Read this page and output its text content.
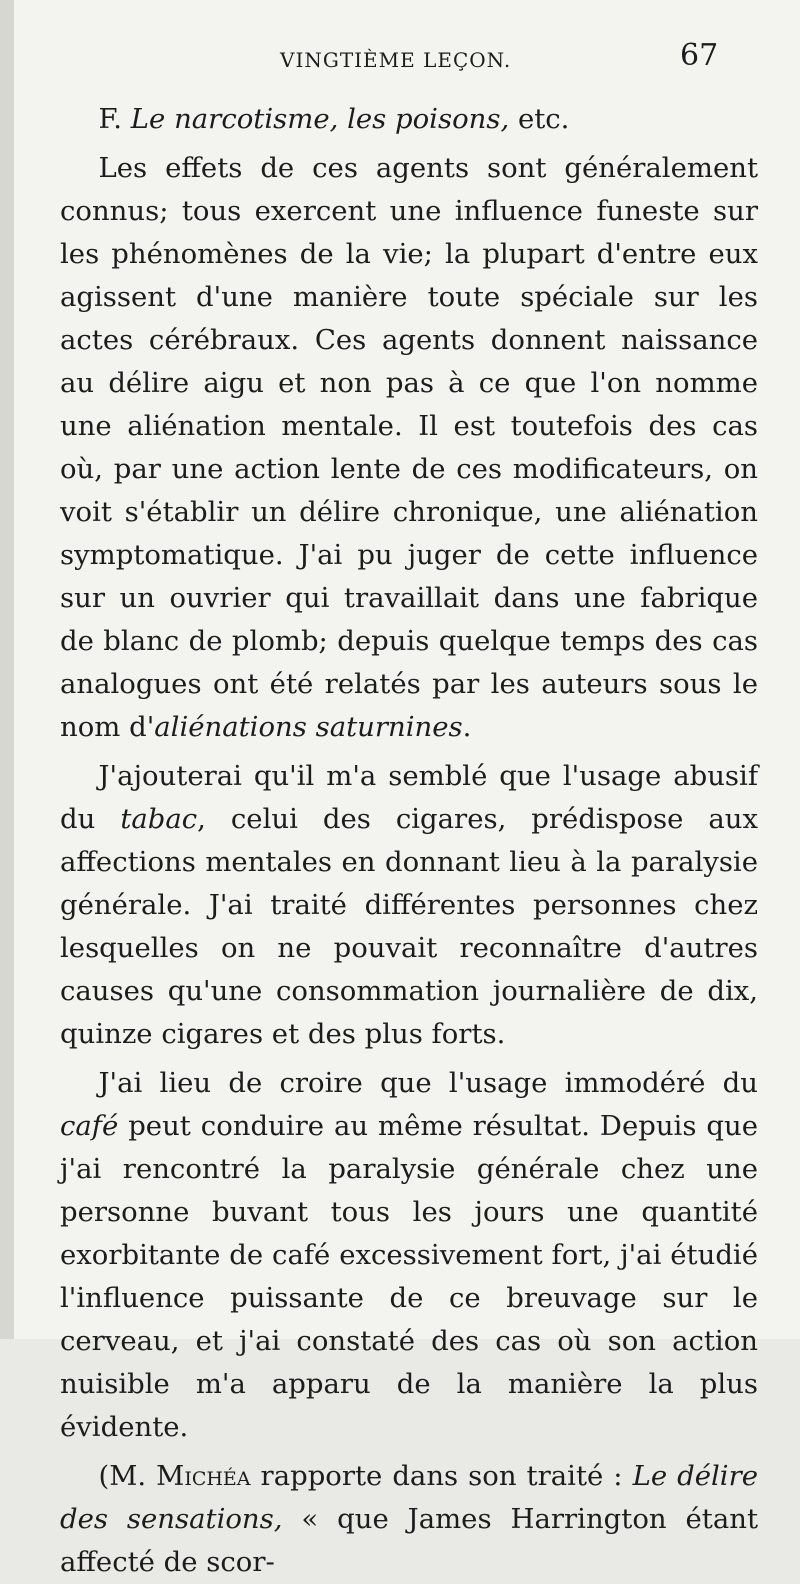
VINGTIÈME LEÇON.	67

F. Le narcotisme, les poisons, etc.

Les effets de ces agents sont généralement connus; tous exercent une influence funeste sur les phénomènes de la vie; la plupart d'entre eux agissent d'une manière toute spéciale sur les actes cérébraux. Ces agents donnent naissance au délire aigu et non pas à ce que l'on nomme une aliénation mentale. Il est toutefois des cas où, par une action lente de ces modificateurs, on voit s'établir un délire chronique, une aliénation symptomatique. J'ai pu juger de cette influence sur un ouvrier qui travaillait dans une fabrique de blanc de plomb; depuis quelque temps des cas analogues ont été relatés par les auteurs sous le nom d'aliénations saturnines.

J'ajouterai qu'il m'a semblé que l'usage abusif du tabac, celui des cigares, prédispose aux affections mentales en donnant lieu à la paralysie générale. J'ai traité différentes personnes chez lesquelles on ne pouvait reconnaître d'autres causes qu'une consommation journalière de dix, quinze cigares et des plus forts.

J'ai lieu de croire que l'usage immodéré du café peut conduire au même résultat. Depuis que j'ai rencontré la paralysie générale chez une personne buvant tous les jours une quantité exorbitante de café excessivement fort, j'ai étudié l'influence puissante de ce breuvage sur le cerveau, et j'ai constaté des cas où son action nuisible m'a apparu de la manière la plus évidente.

(M. Michéa rapporte dans son traité : Le délire des sensations, « que James Harrington étant affecté de scor-
